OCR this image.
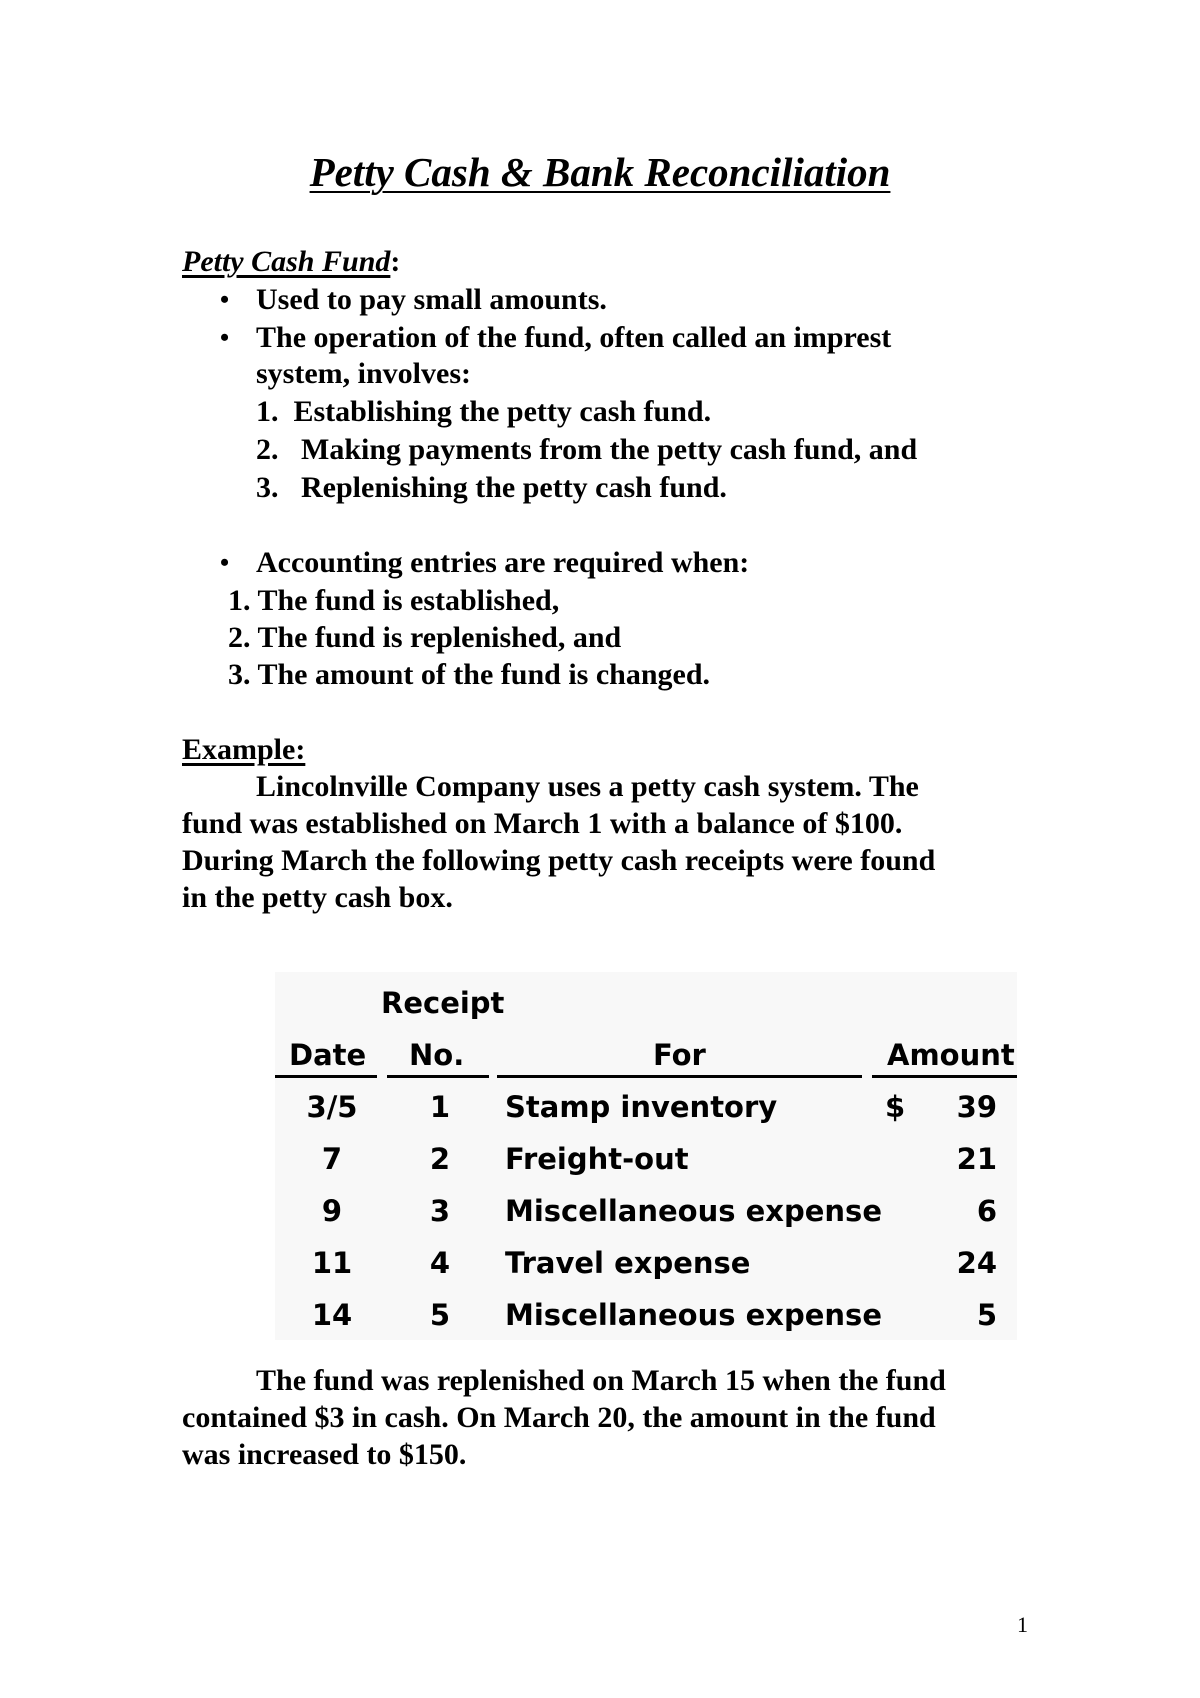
Petty Cash & Bank Reconciliation
Petty Cash Fund:
• Used to pay small amounts.
• The operation of the fund, often called an imprest
system, involves:
1.  Establishing the petty cash fund.
2.   Making payments from the petty cash fund, and
3.   Replenishing the petty cash fund.
• Accounting entries are required when:
1. The fund is established,
2. The fund is replenished, and
3. The amount of the fund is changed.
Example:
Lincolnville Company uses a petty cash system. The
fund was established on March 1 with a balance of $100.
During March the following petty cash receipts were found
in the petty cash box.
Receipt
Date No.	For	Amount
3/5	1	Stamp inventory	$	39
7	2	Freight-out	21
9	3	Miscellaneous expense	6
11	4	Travel expense	24
14	5	Miscellaneous expense	5
The fund was replenished on March 15 when the fund
contained $3 in cash. On March 20, the amount in the fund
was increased to $150.
1
